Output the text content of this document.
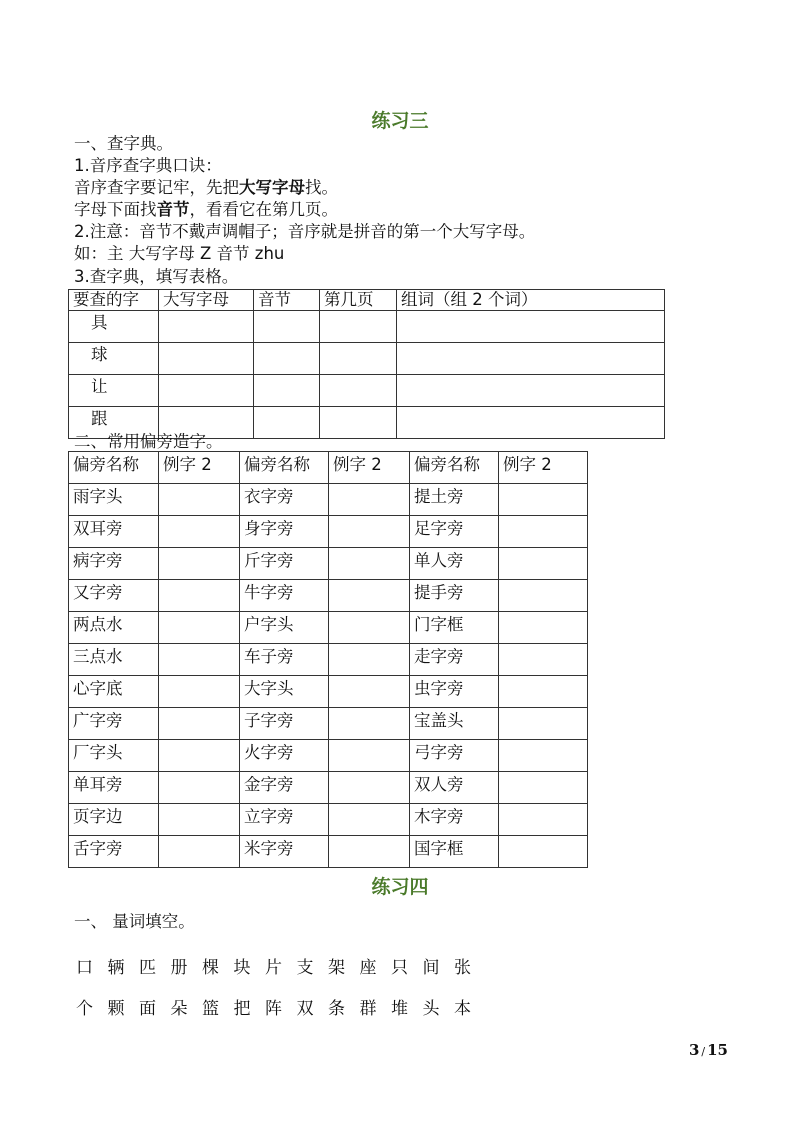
练习三
一、查字典。
1.音序查字典口诀：
音序查字要记牢，先把大写字母找。
字母下面找音节，看看它在第几页。
2.注意：音节不戴声调帽子；音序就是拼音的第一个大写字母。
如：主 大写字母 Z 音节 zhu
3.查字典，填写表格。
要查的字	大写字母	音节	第几页	组词（组 2 个词）
具				
球				
让				
跟				
二、常用偏旁造字。
偏旁名称	例字 2	偏旁名称	例字 2	偏旁名称	例字 2
雨字头		衣字旁		提土旁	
双耳旁		身字旁		足字旁	
病字旁		斤字旁		单人旁	
又字旁		牛字旁		提手旁	
两点水		户字头		门字框	
三点水		车子旁		走字旁	
心字底		大字头		虫字旁	
广字旁		子字旁		宝盖头	
厂字头		火字旁		弓字旁	
单耳旁		金字旁		双人旁	
页字边		立字旁		木字旁	
舌字旁		米字旁		国字框	
练习四
一、 量词填空。
口 辆 匹 册 棵 块 片 支 架 座 只 间 张
个 颗 面 朵 篮 把 阵 双 条 群 堆 头 本
3 / 15
